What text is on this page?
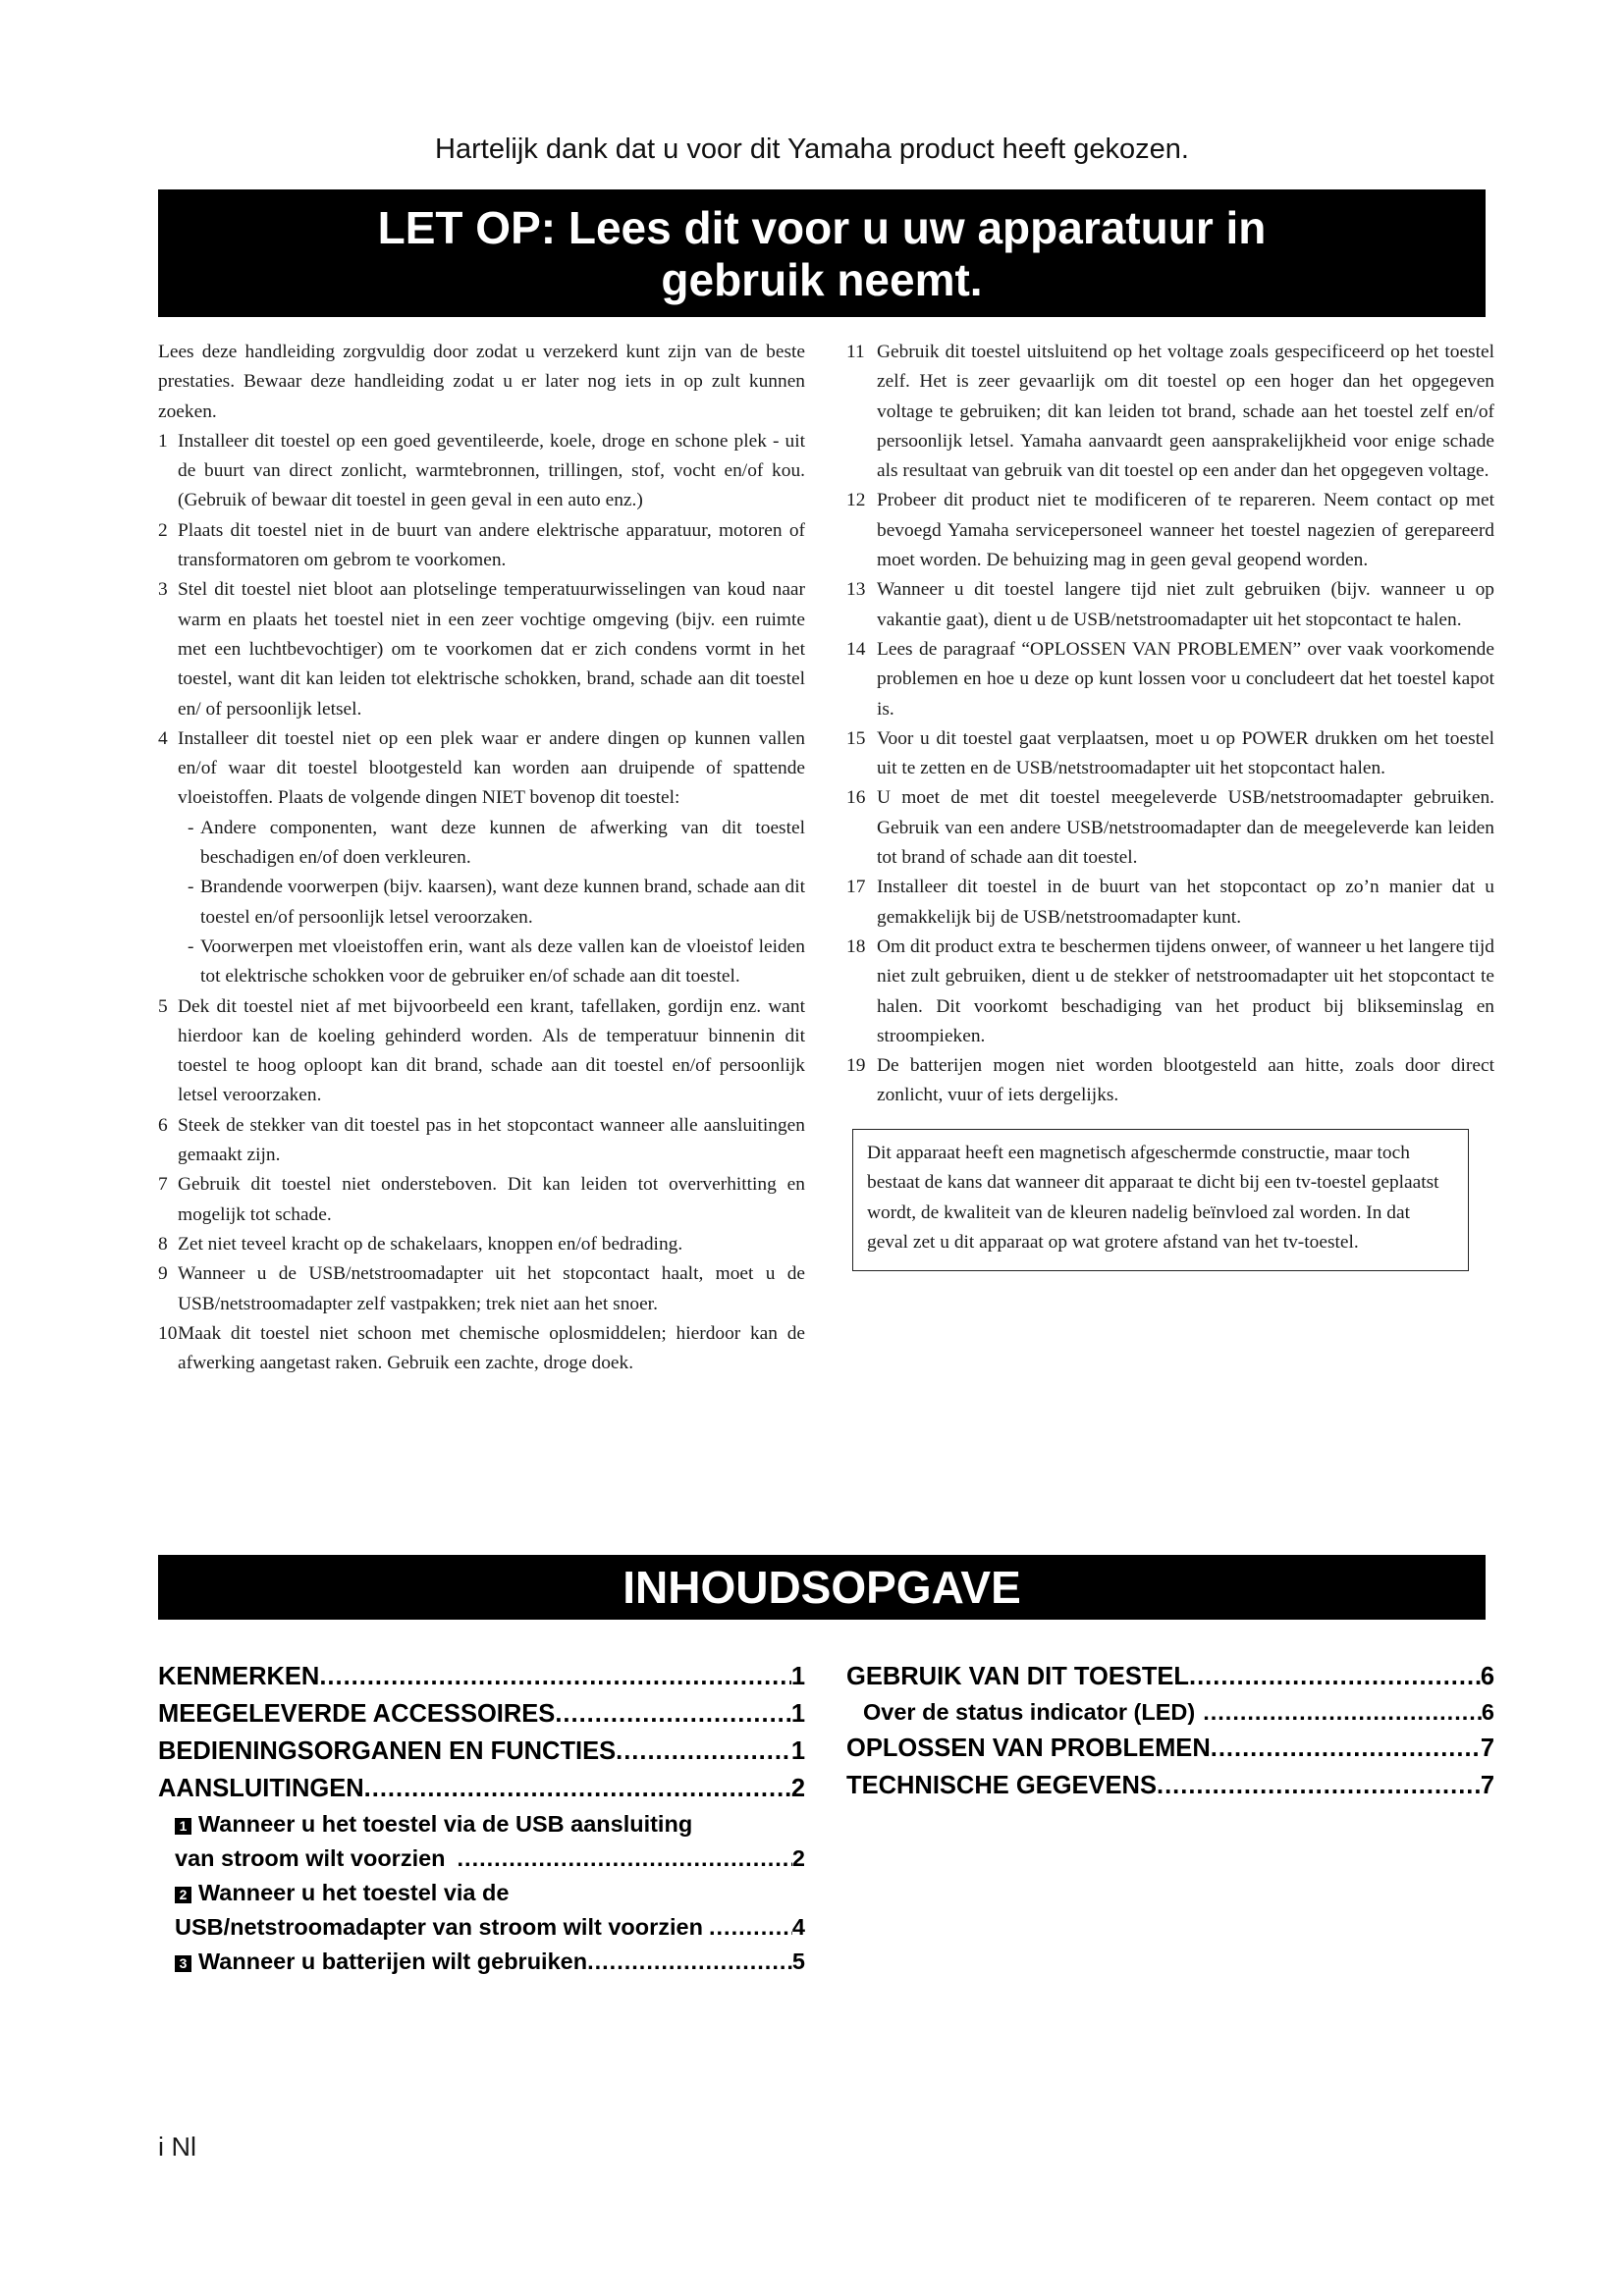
Hartelijk dank dat u voor dit Yamaha product heeft gekozen.
LET OP: Lees dit voor u uw apparatuur in
gebruik neemt.

Lees deze handleiding zorgvuldig door zodat u verzekerd kunt zijn van de beste prestaties. Bewaar deze handleiding zodat u er later nog iets in op zult kunnen zoeken.

1 Installeer dit toestel op een goed geventileerde, koele, droge en schone plek - uit de buurt van direct zonlicht, warmtebronnen, trillingen, stof, vocht en/of kou. (Gebruik of bewaar dit toestel in geen geval in een auto enz.)

2 Plaats dit toestel niet in de buurt van andere elektrische apparatuur, motoren of transformatoren om gebrom te voorkomen.

3 Stel dit toestel niet bloot aan plotselinge temperatuurwisselingen van koud naar warm en plaats het toestel niet in een zeer vochtige omgeving (bijv. een ruimte met een luchtbevochtiger) om te voorkomen dat er zich condens vormt in het toestel, want dit kan leiden tot elektrische schokken, brand, schade aan dit toestel en/ of persoonlijk letsel.

4 Installeer dit toestel niet op een plek waar er andere dingen op kunnen vallen en/of waar dit toestel blootgesteld kan worden aan druipende of spattende vloeistoffen. Plaats de volgende dingen NIET bovenop dit toestel:

- Andere componenten, want deze kunnen de afwerking van dit toestel beschadigen en/of doen verkleuren.

- Brandende voorwerpen (bijv. kaarsen), want deze kunnen brand, schade aan dit toestel en/of persoonlijk letsel veroorzaken.

- Voorwerpen met vloeistoffen erin, want als deze vallen kan de vloeistof leiden tot elektrische schokken voor de gebruiker en/of schade aan dit toestel.

5 Dek dit toestel niet af met bijvoorbeeld een krant, tafellaken, gordijn enz. want hierdoor kan de koeling gehinderd worden. Als de temperatuur binnenin dit toestel te hoog oploopt kan dit brand, schade aan dit toestel en/of persoonlijk letsel veroorzaken.

6 Steek de stekker van dit toestel pas in het stopcontact wanneer alle aansluitingen gemaakt zijn.

7 Gebruik dit toestel niet ondersteboven. Dit kan leiden tot oververhitting en mogelijk tot schade.

8 Zet niet teveel kracht op de schakelaars, knoppen en/of bedrading.

9 Wanneer u de USB/netstroomadapter uit het stopcontact haalt, moet u de USB/netstroomadapter zelf vastpakken; trek niet aan het snoer.

10 Maak dit toestel niet schoon met chemische oplosmiddelen; hierdoor kan de afwerking aangetast raken. Gebruik een zachte, droge doek.

11 Gebruik dit toestel uitsluitend op het voltage zoals gespecificeerd op het toestel zelf. Het is zeer gevaarlijk om dit toestel op een hoger dan het opgegeven voltage te gebruiken; dit kan leiden tot brand, schade aan het toestel zelf en/of persoonlijk letsel. Yamaha aanvaardt geen aansprakelijkheid voor enige schade als resultaat van gebruik van dit toestel op een ander dan het opgegeven voltage.

12 Probeer dit product niet te modificeren of te repareren. Neem contact op met bevoegd Yamaha servicepersoneel wanneer het toestel nagezien of gerepareerd moet worden. De behuizing mag in geen geval geopend worden.

13 Wanneer u dit toestel langere tijd niet zult gebruiken (bijv. wanneer u op vakantie gaat), dient u de USB/netstroomadapter uit het stopcontact te halen.

14 Lees de paragraaf “OPLOSSEN VAN PROBLEMEN” over vaak voorkomende problemen en hoe u deze op kunt lossen voor u concludeert dat het toestel kapot is.

15 Voor u dit toestel gaat verplaatsen, moet u op POWER drukken om het toestel uit te zetten en de USB/netstroomadapter uit het stopcontact halen.

16 U moet de met dit toestel meegeleverde USB/netstroomadapter gebruiken. Gebruik van een andere USB/netstroomadapter dan de meegeleverde kan leiden tot brand of schade aan dit toestel.

17 Installeer dit toestel in de buurt van het stopcontact op zo’n manier dat u gemakkelijk bij de USB/netstroomadapter kunt.

18 Om dit product extra te beschermen tijdens onweer, of wanneer u het langere tijd niet zult gebruiken, dient u de stekker of netstroomadapter uit het stopcontact te halen. Dit voorkomt beschadiging van het product bij blikseminslag en stroompieken.

19 De batterijen mogen niet worden blootgesteld aan hitte, zoals door direct zonlicht, vuur of iets dergelijks.

Dit apparaat heeft een magnetisch afgeschermde constructie, maar toch bestaat de kans dat wanneer dit apparaat te dicht bij een tv-toestel geplaatst wordt, de kwaliteit van de kleuren nadelig beïnvloed zal worden. In dat geval zet u dit apparaat op wat grotere afstand van het tv-toestel.
INHOUDSOPGAVE
KENMERKEN .....	1
MEEGELEVERDE ACCESSOIRES .....	1
BEDIENINGSORGANEN EN FUNCTIES .....	1
AANSLUITINGEN .....	2
1 Wanneer u het toestel via de USB aansluiting
van stroom wilt voorzien .....	2
2 Wanneer u het toestel via de
USB/netstroomadapter van stroom wilt voorzien .....	4
3 Wanneer u batterijen wilt gebruiken .....	5
GEBRUIK VAN DIT TOESTEL .....	6
Over de status indicator (LED) .....	6
OPLOSSEN VAN PROBLEMEN .....	7
TECHNISCHE GEGEVENS .....	7
i Nl
